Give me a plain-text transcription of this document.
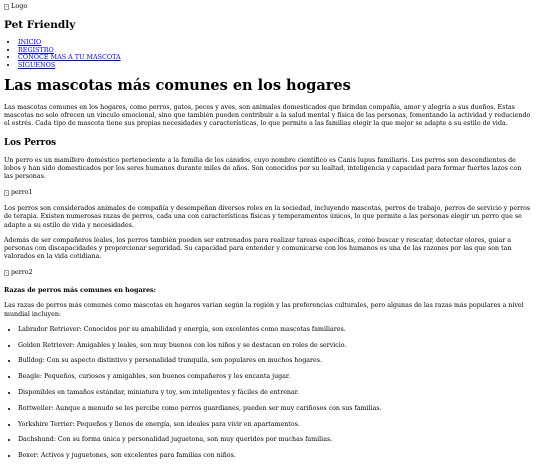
Logo
Pet Friendly
• INICIO
• REGISTRO
• CONOCE MAS A TU MASCOTA
• SÍGUENOS
Las mascotas más comunes en los hogares

Las mascotas comunes en los hogares, como perros, gatos, peces y aves, son animales domesticados que brindan compañía, amor y alegría a sus dueños. Estas mascotas no solo ofrecen un vínculo emocional, sino que también pueden contribuir a la salud mental y física de las personas, fomentando la actividad y reduciendo el estrés. Cada tipo de mascota tiene sus propias necesidades y características, lo que permite a las familias elegir la que mejor se adapte a su estilo de vida.

Los Perros

Un perro es un mamífero doméstico perteneciente a la familia de los cánidos, cuyo nombre científico es Canis lupus familiaris. Los perros son descendientes de lobos y han sido domesticados por los seres humanos durante miles de años. Son conocidos por su lealtad, inteligencia y capacidad para formar fuertes lazos con las personas.

perro1

Los perros son considerados animales de compañía y desempeñan diversos roles en la sociedad, incluyendo mascotas, perros de trabajo, perros de servicio y perros de terapia. Existen numerosas razas de perros, cada una con características físicas y temperamentos únicos, lo que permite a las personas elegir un perro que se adapte a su estilo de vida y necesidades.

Además de ser compañeros leales, los perros también pueden ser entrenados para realizar tareas específicas, como buscar y rescatar, detectar olores, guiar a personas con discapacidades y proporcionar seguridad. Su capacidad para entender y comunicarse con los humanos es una de las razones por las que son tan valorados en la vida cotidiana.

perro2
Razas de perros más comunes en hogares:

Las razas de perros más comunes como mascotas en hogares varían según la región y las preferencias culturales, pero algunas de las razas más populares a nivel mundial incluyen:

• Labrador Retriever: Conocidos por su amabilidad y energía, son excelentes como mascotas familiares.
• Golden Retriever: Amigables y leales, son muy buenos con los niños y se destacan en roles de servicio.
• Bulldog: Con su aspecto distintivo y personalidad tranquila, son populares en muchos hogares.
• Beagle: Pequeños, curiosos y amigables, son buenos compañeros y les encanta jugar.
• Disponibles en tamaños estándar, miniatura y toy, son inteligentes y fáciles de entrenar.
• Rottweiler: Aunque a menudo se les percibe como perros guardianes, pueden ser muy cariñosos con sus familias.
• Yorkshire Terrier: Pequeños y llenos de energía, son ideales para vivir en apartamentos.
• Dachshund: Con su forma única y personalidad juguetona, son muy queridos por muchas familias.
• Boxer: Activos y juguetones, son excelentes para familias con niños.
